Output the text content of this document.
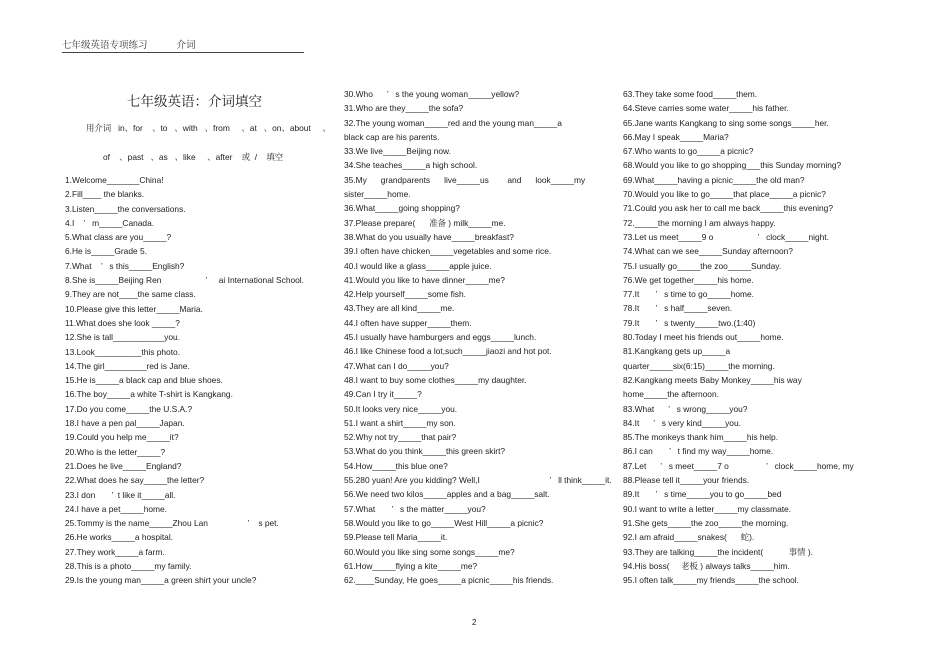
七年级英语专项练习           介词
七年级英语：介词填空
用介词   in、for    、to   、with   、from     、at   、on、about     、
of    、past   、as   、like     、after    或  /    填空
1.Welcome_______China!
2.Fill____ the blanks.
3.Listen_____the conversations.
4.I    ’   m_____Canada.
5.What class are you_____?
6.He is_____Grade 5.
7.What    ’   s this_____English?
8.She is_____Beijing Ren                   ’     ai International School.
9.They are not____the same class.
10.Please give this letter_____Maria.
11.What does she look _____?
12.She is tall___________you.
13.Look__________this photo.
14.The girl_________red is Jane.
15.He is_____a black cap and blue shoes.
16.The boy_____a white T-shirt is Kangkang.
17.Do you come_____the U.S.A.?
18.I have a pen pal_____Japan.
19.Could you help me_____it?
20.Who is the letter_____?
21.Does he live_____England?
22.What does he say_____the letter?
23.I don       ’  t like it_____all.
24.I have a pet_____home.
25.Tommy is the name_____Zhou Lan                 ’    s pet.
26.He works_____a hospital.
27.They work_____a farm.
28.This is a photo_____my family.
29.Is the young man_____a green shirt your uncle?
30.Who      ’   s the young woman_____yellow?
31.Who are they_____the sofa?
32.The young woman_____red and the young man_____a
black cap are his parents.
33.We live_____Beijing now.
34.She teaches_____a high school.
35.My      grandparents      live_____us        and      look_____my
sister_____home.
36.What_____going shopping?
37.Please prepare(      准备 ) milk_____me.
38.What do you usually have_____breakfast?
39.I often have chicken_____vegetables and some rice.
40.I would like a glass_____apple juice.
41.Would you like to have dinner_____me?
42.Help yourself_____some fish.
43.They are all kind_____me.
44.I often have supper_____them.
45.I usually have hamburgers and eggs_____lunch.
46.I like Chinese food a lot,such_____jiaozi and hot pot.
47.What can I do_____you?
48.I want to buy some clothes_____my daughter.
49.Can I try it_____?
50.It looks very nice_____you.
51.I want a shirt_____my son.
52.Why not try_____that pair?
53.What do you think_____this green skirt?
54.How_____this blue one?
55.280 yuan! Are you kidding? Well,I                              ’   ll think_____it.
56.We need two kilos_____apples and a bag_____salt.
57.What       ’   s the matter_____you?
58.Would you like to go_____West Hill_____a picnic?
59.Please tell Maria_____it.
60.Would you like sing some songs_____me?
61.How_____flying a kite_____me?
62.____Sunday, He goes_____a picnic_____his friends.
63.They take some food_____them.
64.Steve carries some water_____his father.
65.Jane wants Kangkang to sing some songs_____her.
66.May I speak_____Maria?
67.Who wants to go_____a picnic?
68.Would you like to go shopping___this Sunday morning?
69.What_____having a picnic_____the old man?
70.Would you like to go_____that place_____a picnic?
71.Could you ask her to call me back_____this evening?
72._____the morning I am always happy.
73.Let us meet_____9 o                   ’   clock_____night.
74.What can we see_____Sunday afternoon?
75.I usually go_____the zoo_____Sunday.
76.We get together_____his home.
77.It       ’   s time to go_____home.
78.It       ’   s half_____seven.
79.It       ’   s twenty_____two.(1:40)
80.Today I meet his friends out_____home.
81.Kangkang gets up_____a
quarter_____six(6:15)_____the morning.
82.Kangkang meets Baby Monkey_____his way
home_____the afternoon.
83.What      ’   s wrong_____you?
84.It      ’   s very kind_____you.
85.The monkeys thank him_____his help.
86.I can       ’   t find my way_____home.
87.Let      ’   s meet_____7 o                ’   clock_____home, my
88.Please tell it_____your friends.
89.It       ’   s time_____you to go_____bed
90.I want to write a letter_____my classmate.
91.She gets_____the zoo_____the morning.
92.I am afraid_____snakes(      蛇).
93.They are talking_____the incident(           事情 ).
94.His boss(     老板 ) always talks_____him.
95.I often talk_____my friends_____the school.
2
